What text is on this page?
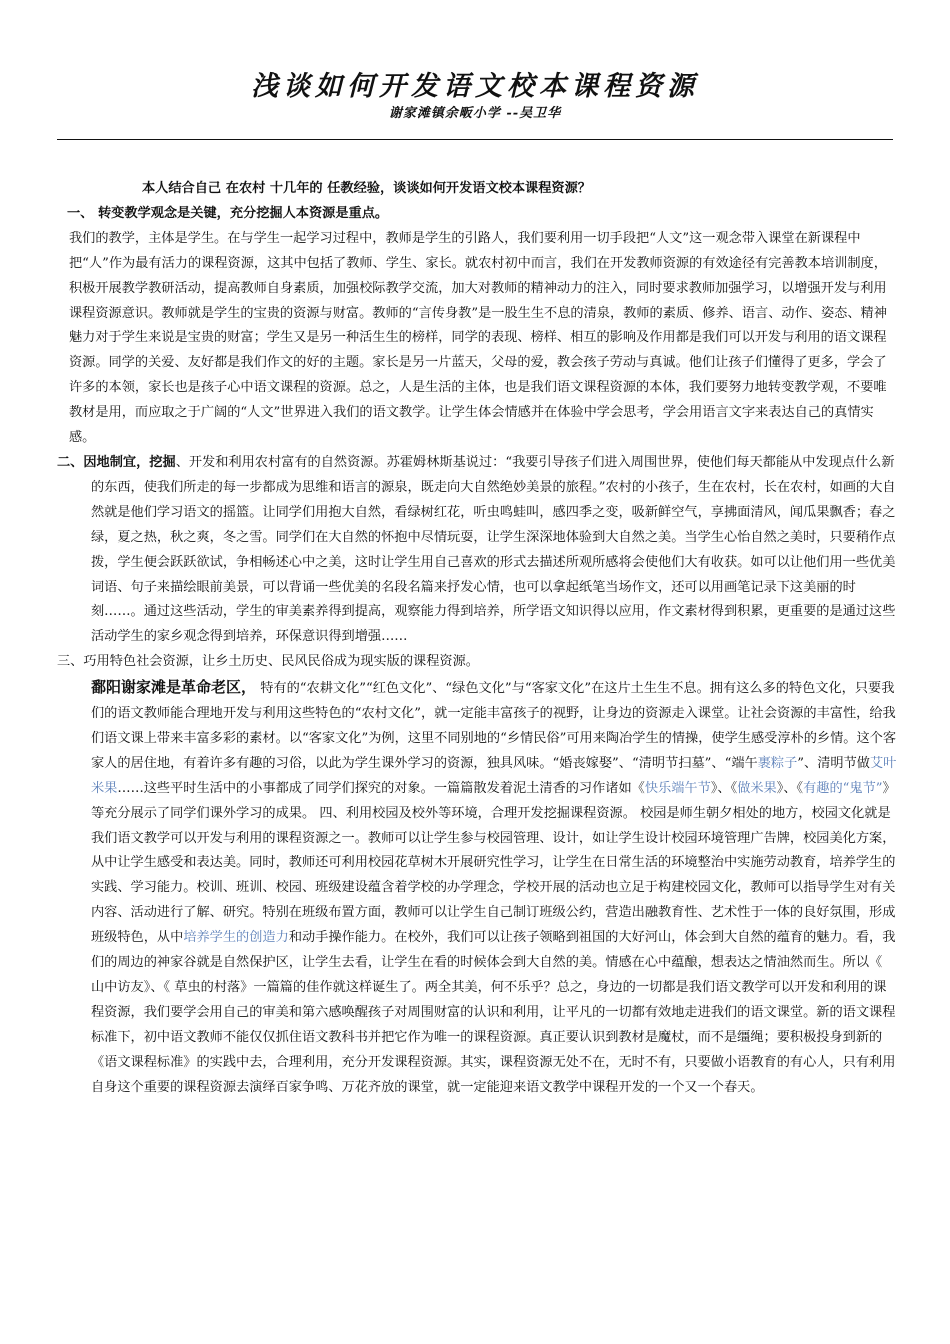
浅谈如何开发语文校本课程资源
谢家滩镇余畈小学 --吴卫华

本人结合自己 在农村 十几年的 任教经验，谈谈如何开发语文校本课程资源？

一、 转变教学观念是关键，充分挖掘人本资源是重点。

我们的教学，主体是学生。在与学生一起学习过程中，教师是学生的引路人，我们要利用一切手段把“人文”这一观念带入课堂在新课程中把“人”作为最有活力的课程资源，这其中包括了教师、学生、家长。就农村初中而言，我们在开发教师资源的有效途径有完善教本培训制度，积极开展教学教研活动，提高教师自身素质，加强校际教学交流，加大对教师的精神动力的注入，同时要求教师加强学习，以增强开发与利用课程资源意识。教师就是学生的宝贵的资源与财富。教师的“言传身教”是一股生生不息的清泉，教师的素质、修养、语言、动作、姿态、精神魅力对于学生来说是宝贵的财富；学生又是另一种活生生的榜样，同学的表现、榜样、相互的影响及作用都是我们可以开发与利用的语文课程资源。同学的关爱、友好都是我们作文的好的主题。家长是另一片蓝天，父母的爱，教会孩子劳动与真诚。他们让孩子们懂得了更多，学会了许多的本领，家长也是孩子心中语文课程的资源。总之，人是生活的主体，也是我们语文课程资源的本体，我们要努力地转变教学观，不要唯教材是用，而应取之于广阔的“人文”世界进入我们的语文教学。让学生体会情感并在体验中学会思考，学会用语言文字来表达自己的真情实感。

二、因地制宜，挖掘、开发和利用农村富有的自然资源。苏霍姆林斯基说过：“我要引导孩子们进入周围世界，使他们每天都能从中发现点什么新的东西，使我们所走的每一步都成为思维和语言的源泉，既走向大自然绝妙美景的旅程。”农村的小孩子，生在农村，长在农村，如画的大自然就是他们学习语文的摇篮。让同学们用抱大自然，看绿树红花，听虫鸣蛙叫，感四季之变，吸新鲜空气，享拂面清风，闻瓜果飘香；春之绿，夏之热，秋之爽，冬之雪。同学们在大自然的怀抱中尽情玩耍，让学生深深地体验到大自然之美。当学生心怡自然之美时，只要稍作点拨，学生便会跃跃欲试，争相畅述心中之美，这时让学生用自己喜欢的形式去描述所观所感将会使他们大有收获。如可以让他们用一些优美词语、句子来描绘眼前美景，可以背诵一些优美的名段名篇来抒发心情，也可以拿起纸笔当场作文，还可以用画笔记录下这美丽的时刻……。通过这些活动，学生的审美素养得到提高，观察能力得到培养，所学语文知识得以应用，作文素材得到积累，更重要的是通过这些活动学生的家乡观念得到培养，环保意识得到增强……

三、巧用特色社会资源，让乡土历史、民风民俗成为现实版的课程资源。

鄱阳谢家滩是革命老区， 特有的“农耕文化”“红色文化”、“绿色文化”与“客家文化”在这片土生生不息。拥有这么多的特色文化，只要我们的语文教师能合理地开发与利用这些特色的“农村文化”，就一定能丰富孩子的视野，让身边的资源走入课堂。让社会资源的丰富性，给我们语文课上带来丰富多彩的素材。以“客家文化”为例，这里不同别地的“乡情民俗”可用来陶冶学生的情操，使学生感受淳朴的乡情。这个客家人的居住地，有着许多有趣的习俗，以此为学生课外学习的资源，独具风味。“婚丧嫁娶”、“清明节扫墓”、“端午裹粽子”、清明节做艾叶米果……这些平时生活中的小事都成了同学们探究的对象。一篇篇散发着泥土清香的习作诸如《快乐端午节》、《做米果》、《有趣的“鬼节”》等充分展示了同学们课外学习的成果。 四、利用校园及校外等环境，合理开发挖掘课程资源。 校园是师生朝夕相处的地方，校园文化就是我们语文教学可以开发与利用的课程资源之一。教师可以让学生参与校园管理、设计，如让学生设计校园环境管理广告牌，校园美化方案，从中让学生感受和表达美。同时，教师还可利用校园花草树木开展研究性学习，让学生在日常生活的环境整治中实施劳动教育，培养学生的实践、学习能力。校训、班训、校园、班级建设蕴含着学校的办学理念，学校开展的活动也立足于构建校园文化，教师可以指导学生对有关内容、活动进行了解、研究。特别在班级布置方面，教师可以让学生自己制订班级公约，营造出融教育性、艺术性于一体的良好氛围，形成班级特色，从中培养学生的创造力和动手操作能力。在校外，我们可以让孩子领略到祖国的大好河山，体会到大自然的蕴育的魅力。看，我们的周边的神家谷就是自然保护区，让学生去看，让学生在看的时候体会到大自然的美。情感在心中蕴酿，想表达之情油然而生。所以《 山中访友》、《 草虫的村落》一篇篇的佳作就这样诞生了。两全其美，何不乐乎？总之，身边的一切都是我们语文教学可以开发和利用的课程资源，我们要学会用自己的审美和第六感唤醒孩子对周围财富的认识和利用，让平凡的一切都有效地走进我们的语文课堂。新的语文课程标准下，初中语文教师不能仅仅抓住语文教科书并把它作为唯一的课程资源。真正要认识到教材是魔杖，而不是缰绳；要积极投身到新的《语文课程标准》的实践中去，合理利用，充分开发课程资源。其实，课程资源无处不在，无时不有，只要做小语教育的有心人，只有利用自身这个重要的课程资源去演绎百家争鸣、万花齐放的课堂，就一定能迎来语文教学中课程开发的一个又一个春天。
